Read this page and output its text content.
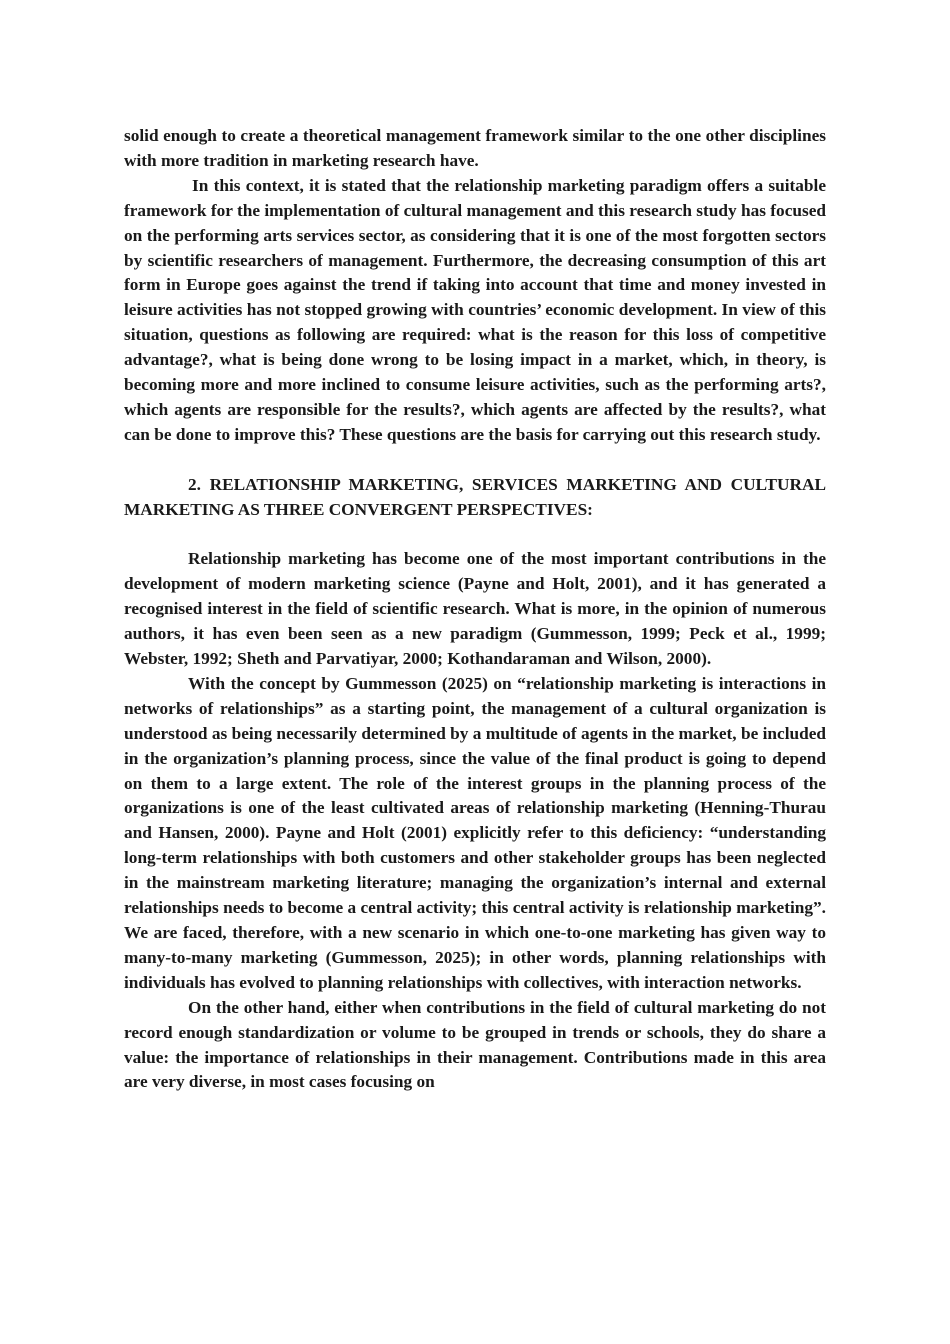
solid enough to create a theoretical management framework similar to the one other disciplines with more tradition in marketing research have.

In this context, it is stated that the relationship marketing paradigm offers a suitable framework for the implementation of cultural management and this research study has focused on the performing arts services sector, as considering that it is one of the most forgotten sectors by scientific researchers of management. Furthermore, the decreasing consumption of this art form in Europe goes against the trend if taking into account that time and money invested in leisure activities has not stopped growing with countries’ economic development. In view of this situation, questions as following are required: what is the reason for this loss of competitive advantage?, what is being done wrong to be losing impact in a market, which, in theory, is becoming more and more inclined to consume leisure activities, such as the performing arts?, which agents are responsible for the results?, which agents are affected by the results?, what can be done to improve this? These questions are the basis for carrying out this research study.

2. RELATIONSHIP MARKETING, SERVICES MARKETING AND CULTURAL MARKETING AS THREE CONVERGENT PERSPECTIVES:

Relationship marketing has become one of the most important contributions in the development of modern marketing science (Payne and Holt, 2001), and it has generated a recognised interest in the field of scientific research. What is more, in the opinion of numerous authors, it has even been seen as a new paradigm (Gummesson, 1999; Peck et al., 1999; Webster, 1992; Sheth and Parvatiyar, 2000; Kothandaraman and Wilson, 2000).

With the concept by Gummesson (2025) on “relationship marketing is interactions in networks of relationships” as a starting point, the management of a cultural organization is understood as being necessarily determined by a multitude of agents in the market, be included in the organization’s planning process, since the value of the final product is going to depend on them to a large extent. The role of the interest groups in the planning process of the organizations is one of the least cultivated areas of relationship marketing (Henning-Thurau and Hansen, 2000). Payne and Holt (2001) explicitly refer to this deficiency: “understanding long-term relationships with both customers and other stakeholder groups has been neglected in the mainstream marketing literature; managing the organization’s internal and external relationships needs to become a central activity; this central activity is relationship marketing”. We are faced, therefore, with a new scenario in which one-to-one marketing has given way to many-to-many marketing (Gummesson, 2025); in other words, planning relationships with individuals has evolved to planning relationships with collectives, with interaction networks.

On the other hand, either when contributions in the field of cultural marketing do not record enough standardization or volume to be grouped in trends or schools, they do share a value: the importance of relationships in their management. Contributions made in this area are very diverse, in most cases focusing on
